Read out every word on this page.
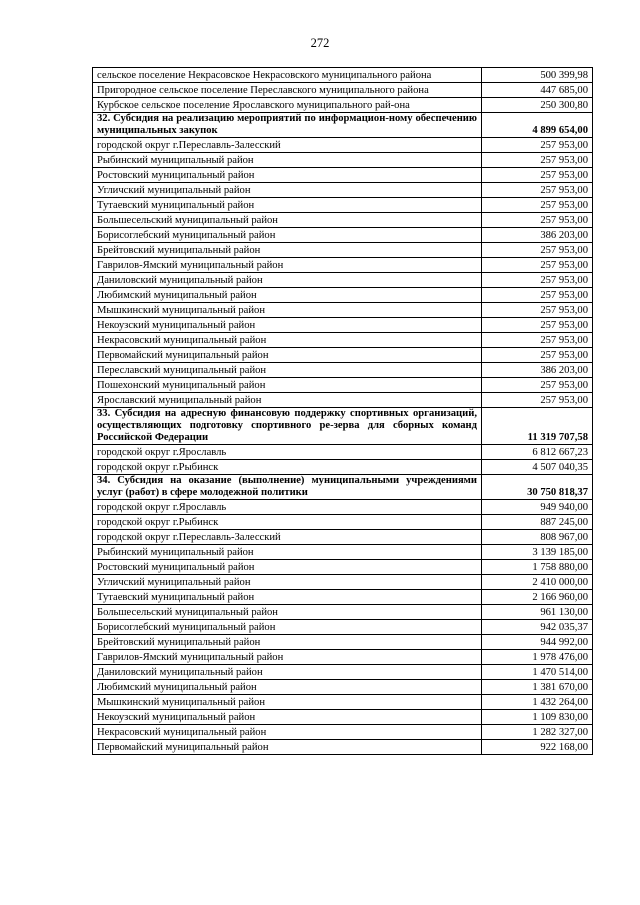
272
сельское поселение Некрасовское Некрасовского муниципального района	500 399,98
Пригородное сельское поселение Переславского муниципального района	447 685,00
Курбское сельское поселение Ярославского муниципального рай-она	250 300,80
32. Субсидия на реализацию мероприятий по информацион-ному обеспечению муниципальных закупок	4 899 654,00
городской округ г.Переславль-Залесский	257 953,00
Рыбинский муниципальный район	257 953,00
Ростовский муниципальный район	257 953,00
Угличский муниципальный район	257 953,00
Тутаевский муниципальный район	257 953,00
Большесельский муниципальный район	257 953,00
Борисоглебский муниципальный район	386 203,00
Брейтовский муниципальный район	257 953,00
Гаврилов-Ямский муниципальный район	257 953,00
Даниловский муниципальный район	257 953,00
Любимский муниципальный район	257 953,00
Мышкинский муниципальный район	257 953,00
Некоузский муниципальный район	257 953,00
Некрасовский муниципальный район	257 953,00
Первомайский муниципальный район	257 953,00
Переславский муниципальный район	386 203,00
Пошехонский муниципальный район	257 953,00
Ярославский муниципальный район	257 953,00
33. Субсидия на адресную финансовую поддержку спортивных организаций, осуществляющих подготовку спортивного ре-зерва для сборных команд Российской Федерации	11 319 707,58
городской округ г.Ярославль	6 812 667,23
городской округ г.Рыбинск	4 507 040,35
34. Субсидия на оказание (выполнение) муниципальными учреждениями услуг (работ) в сфере молодежной политики	30 750 818,37
городской округ г.Ярославль	949 940,00
городской округ г.Рыбинск	887 245,00
городской округ г.Переславль-Залесский	808 967,00
Рыбинский муниципальный район	3 139 185,00
Ростовский муниципальный район	1 758 880,00
Угличский муниципальный район	2 410 000,00
Тутаевский муниципальный район	2 166 960,00
Большесельский муниципальный район	961 130,00
Борисоглебский муниципальный район	942 035,37
Брейтовский муниципальный район	944 992,00
Гаврилов-Ямский муниципальный район	1 978 476,00
Даниловский муниципальный район	1 470 514,00
Любимский муниципальный район	1 381 670,00
Мышкинский муниципальный район	1 432 264,00
Некоузский муниципальный район	1 109 830,00
Некрасовский муниципальный район	1 282 327,00
Первомайский муниципальный район	922 168,00
